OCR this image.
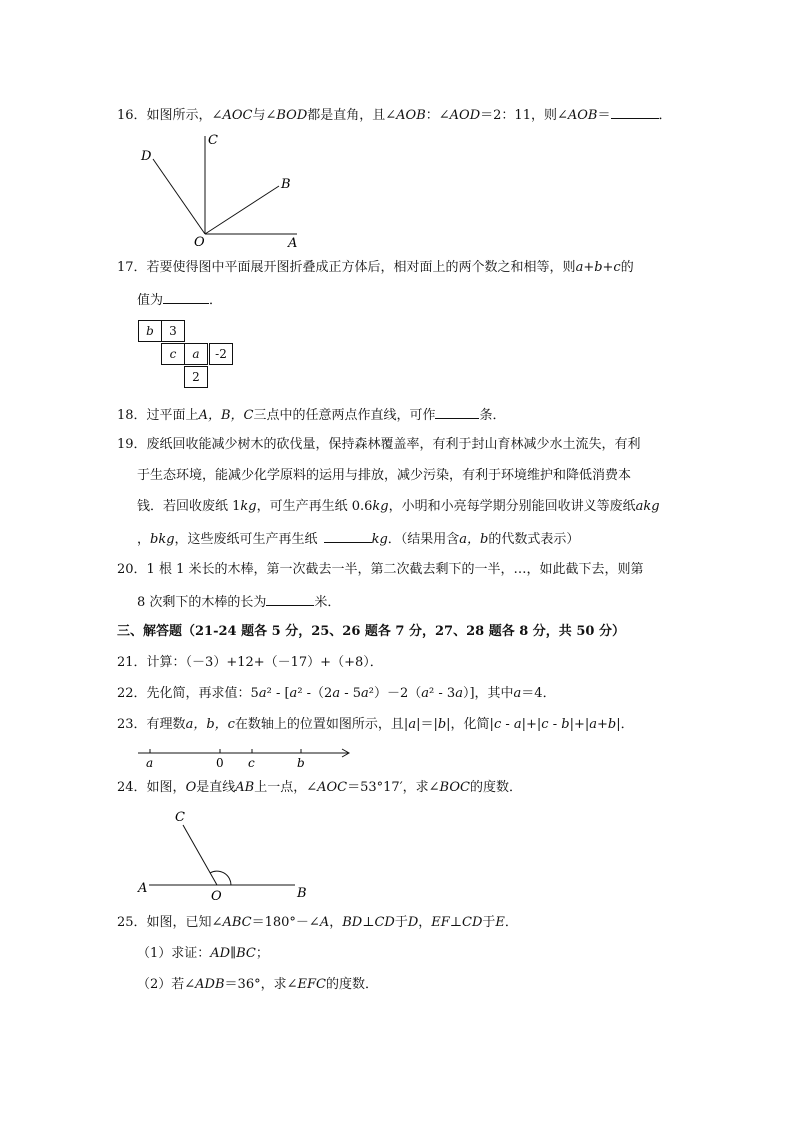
16．如图所示，∠AOC与∠BOD都是直角，且∠AOB：∠AOD＝2：11，则∠AOB＝	．
C
D
B
O	A
17．若要使得图中平面展开图折叠成正方体后，相对面上的两个数之和相等，则a+b+c的
值为	．
b	3
c	a	-2
2
18．过平面上A，B，C三点中的任意两点作直线，可作	条．
19．废纸回收能减少树木的砍伐量，保持森林覆盖率，有利于封山育林减少水土流失，有利
于生态环境，能减少化学原料的运用与排放，减少污染，有利于环境维护和降低消费本
钱．若回收废纸 1kg，可生产再生纸 0.6kg，小明和小亮每学期分别能回收讲义等废纸akg
，bkg，这些废纸可生产再生纸	kg．（结果用含a，b的代数式表示）
20．1 根 1 米长的木棒，第一次截去一半，第二次截去剩下的一半，…，如此截下去，则第
8 次剩下的木棒的长为	米．
三、解答题（21-24 题各 5 分，25、26 题各 7 分，27、28 题各 8 分，共 50 分）
21．计算：（－3）+12+（－17）+（+8）．
22．先化简，再求值：5a² - [a² -（2a - 5a²）－2（a² - 3a）]，其中a＝4．
23．有理数a，b，c在数轴上的位置如图所示，且|a|＝|b|，化简|c - a|+|c - b|+|a+b|．
a	0 c	b
24．如图，O是直线AB上一点，∠AOC＝53°17′，求∠BOC的度数．
C
A
O	B
25．如图，已知∠ABC＝180°－∠A，BD⊥CD于D，EF⊥CD于E．
（1）求证：AD∥BC；
（2）若∠ADB＝36°，求∠EFC的度数．
